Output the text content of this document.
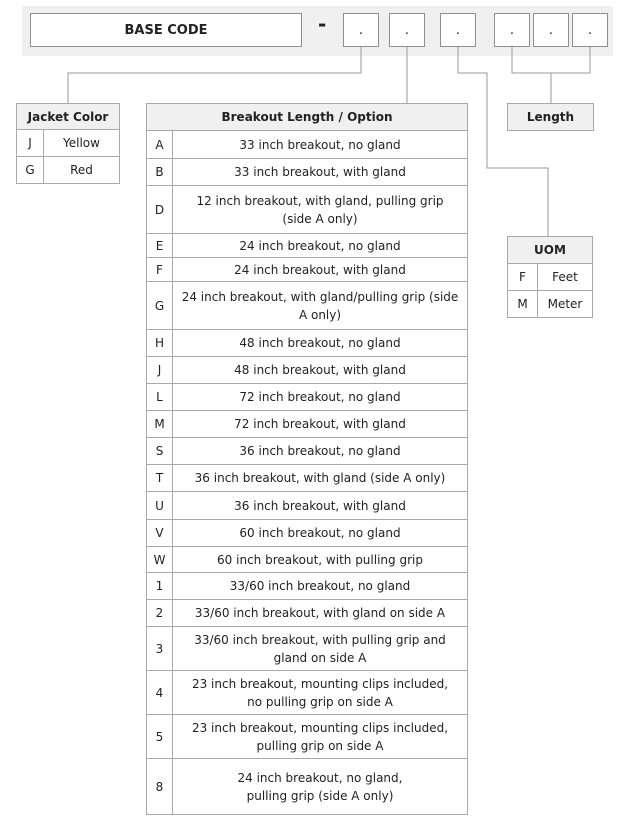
BASE CODE	-	.	.	.	.	.	.
Jacket Color	
J	Yellow
G	Red
Breakout Length / Option	
A	33 inch breakout, no gland
B	33 inch breakout, with gland
D	12 inch breakout, with gland, pulling grip (side A only)
E	24 inch breakout, no gland
F	24 inch breakout, with gland
G	24 inch breakout, with gland/pulling grip (side A only)
H	48 inch breakout, no gland
J	48 inch breakout, with gland
L	72 inch breakout, no gland
M	72 inch breakout, with gland
S	36 inch breakout, no gland
T	36 inch breakout, with gland (side A only)
U	36 inch breakout, with gland
V	60 inch breakout, no gland
W	60 inch breakout, with pulling grip
1	33/60 inch breakout, no gland
2	33/60 inch breakout, with gland on side A
3	33/60 inch breakout, with pulling grip and gland on side A
4	23 inch breakout, mounting clips included, no pulling grip on side A
5	23 inch breakout, mounting clips included, pulling grip on side A
8	24 inch breakout, no gland, pulling grip (side A only)
Length
UOM	
F	Feet
M	Meter
